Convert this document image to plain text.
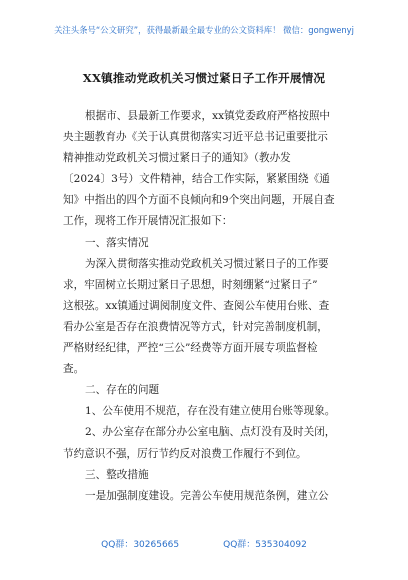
关注头条号“公文研究”，获得最新最全最专业的公文资料库！ 微信：gongwenyj
XX镇推动党政机关习惯过紧日子工作开展情况

根据市、县最新工作要求，xx镇党委政府严格按照中

央主题教育办《关于认真贯彻落实习近平总书记重要批示

精神推动党政机关习惯过紧日子的通知》（教办发

〔2024〕3号）文件精神，结合工作实际，紧紧围绕《通

知》中指出的四个方面不良倾向和9个突出问题，开展自查

工作，现将工作开展情况汇报如下：

一、落实情况

为深入贯彻落实推动党政机关习惯过紧日子的工作要

求，牢固树立长期过紧日子思想，时刻绷紧“过紧日子”

这根弦。xx镇通过调阅制度文件、查阅公车使用台账、查

看办公室是否存在浪费情况等方式，针对完善制度机制，

严格财经纪律，严控“三公”经费等方面开展专项监督检

查。

二、存在的问题

1、公车使用不规范，存在没有建立使用台账等现象。

2、办公室存在部分办公室电脑、点灯没有及时关闭，

节约意识不强，厉行节约反对浪费工作履行不到位。

三、整改措施

一是加强制度建设。完善公车使用规范条例，建立公

QQ群：30265665	QQ群：535304092
